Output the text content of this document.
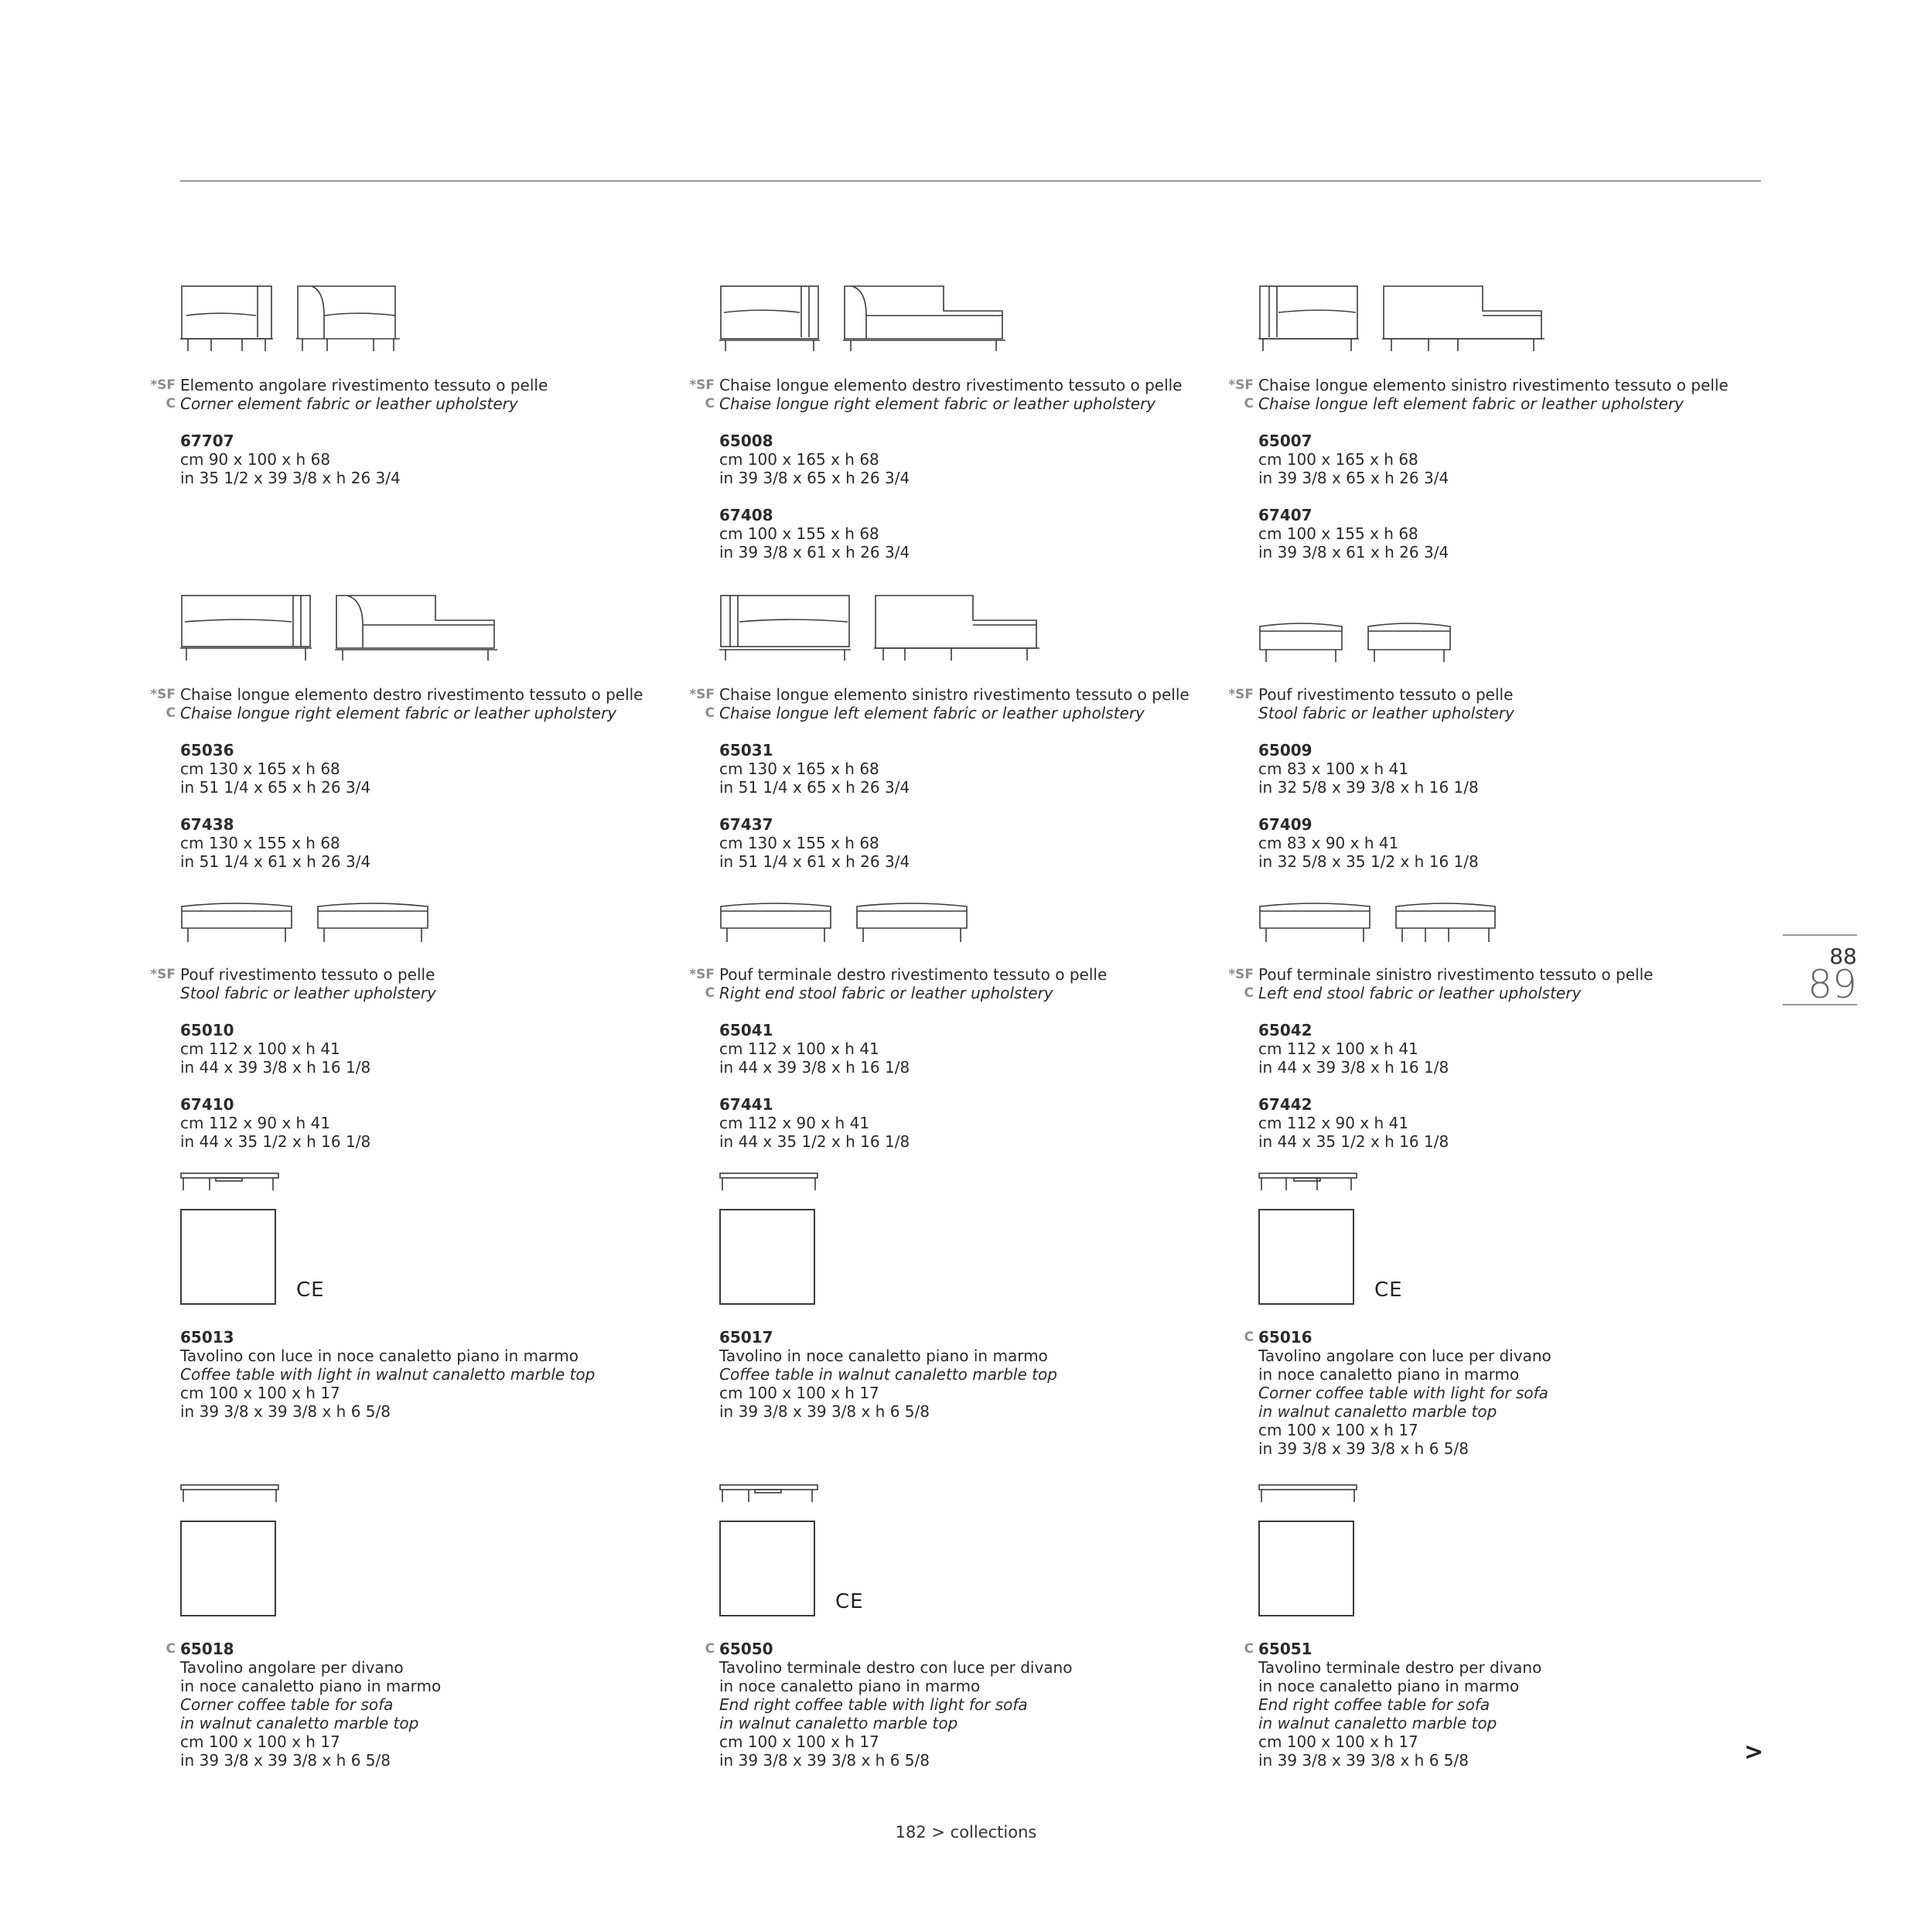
*SF Elemento angolare rivestimento tessuto o pelle
C Corner element fabric or leather upholstery
67707
cm 90 x 100 x h 68
in 35 1/2 x 39 3/8 x h 26 3/4
*SF Chaise longue elemento destro rivestimento tessuto o pelle
C Chaise longue right element fabric or leather upholstery
65008
cm 100 x 165 x h 68
in 39 3/8 x 65 x h 26 3/4
67408
cm 100 x 155 x h 68
in 39 3/8 x 61 x h 26 3/4
*SF Chaise longue elemento sinistro rivestimento tessuto o pelle
C Chaise longue left element fabric or leather upholstery
65007
cm 100 x 165 x h 68
in 39 3/8 x 65 x h 26 3/4
67407
cm 100 x 155 x h 68
in 39 3/8 x 61 x h 26 3/4
*SF Chaise longue elemento destro rivestimento tessuto o pelle
C Chaise longue right element fabric or leather upholstery
65036
cm 130 x 165 x h 68
in 51 1/4 x 65 x h 26 3/4
67438
cm 130 x 155 x h 68
in 51 1/4 x 61 x h 26 3/4
*SF Chaise longue elemento sinistro rivestimento tessuto o pelle
C Chaise longue left element fabric or leather upholstery
65031
cm 130 x 165 x h 68
in 51 1/4 x 65 x h 26 3/4
67437
cm 130 x 155 x h 68
in 51 1/4 x 61 x h 26 3/4
*SF Pouf rivestimento tessuto o pelle
Stool fabric or leather upholstery
65009
cm 83 x 100 x h 41
in 32 5/8 x 39 3/8 x h 16 1/8
67409
cm 83 x 90 x h 41
in 32 5/8 x 35 1/2 x h 16 1/8
*SF Pouf rivestimento tessuto o pelle
Stool fabric or leather upholstery
65010
cm 112 x 100 x h 41
in 44 x 39 3/8 x h 16 1/8
67410
cm 112 x 90 x h 41
in 44 x 35 1/2 x h 16 1/8
*SF Pouf terminale destro rivestimento tessuto o pelle
C Right end stool fabric or leather upholstery
65041
cm 112 x 100 x h 41
in 44 x 39 3/8 x h 16 1/8
67441
cm 112 x 90 x h 41
in 44 x 35 1/2 x h 16 1/8
*SF Pouf terminale sinistro rivestimento tessuto o pelle
C Left end stool fabric or leather upholstery
65042
cm 112 x 100 x h 41
in 44 x 39 3/8 x h 16 1/8
67442
cm 112 x 90 x h 41
in 44 x 35 1/2 x h 16 1/8
CE
65013
Tavolino con luce in noce canaletto piano in marmo
Coffee table with light in walnut canaletto marble top
cm 100 x 100 x h 17
in 39 3/8 x 39 3/8 x h 6 5/8
65017
Tavolino in noce canaletto piano in marmo
Coffee table in walnut canaletto marble top
cm 100 x 100 x h 17
in 39 3/8 x 39 3/8 x h 6 5/8
CE
C 65016
Tavolino angolare con luce per divano
in noce canaletto piano in marmo
Corner coffee table with light for sofa
in walnut canaletto marble top
cm 100 x 100 x h 17
in 39 3/8 x 39 3/8 x h 6 5/8
C 65018
Tavolino angolare per divano
in noce canaletto piano in marmo
Corner coffee table for sofa
in walnut canaletto marble top
cm 100 x 100 x h 17
in 39 3/8 x 39 3/8 x h 6 5/8
CE
C 65050
Tavolino terminale destro con luce per divano
in noce canaletto piano in marmo
End right coffee table with light for sofa
in walnut canaletto marble top
cm 100 x 100 x h 17
in 39 3/8 x 39 3/8 x h 6 5/8
C 65051
Tavolino terminale destro per divano
in noce canaletto piano in marmo
End right coffee table for sofa
in walnut canaletto marble top
cm 100 x 100 x h 17
in 39 3/8 x 39 3/8 x h 6 5/8
88
89
>
182 > collections
